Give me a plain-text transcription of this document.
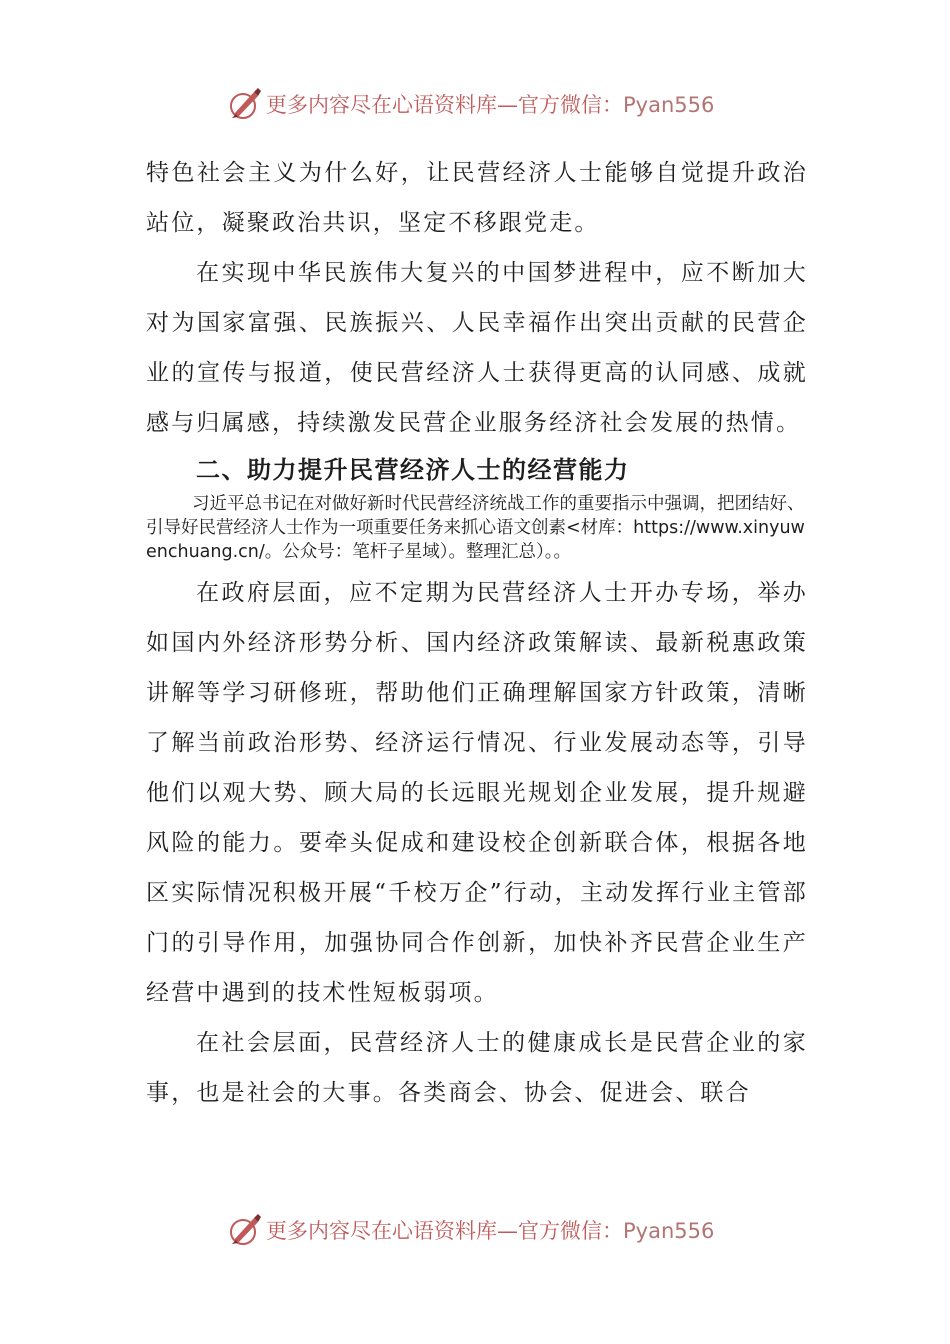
更多内容尽在心语资料库—官方微信：Pyan556

特色社会主义为什么好，让民营经济人士能够自觉提升政治站位，凝聚政治共识，坚定不移跟党走。

在实现中华民族伟大复兴的中国梦进程中，应不断加大对为国家富强、民族振兴、人民幸福作出突出贡献的民营企业的宣传与报道，使民营经济人士获得更高的认同感、成就感与归属感，持续激发民营企业服务经济社会发展的热情。

二、助力提升民营经济人士的经营能力

习近平总书记在对做好新时代民营经济统战工作的重要指示中强调，把团结好、引导好民营经济人士作为一项重要任务来抓心语文创素<材库：https://www.xinyuwenchuang.cn/。公众号：笔杆子星域）。整理汇总）。。

在政府层面，应不定期为民营经济人士开办专场，举办如国内外经济形势分析、国内经济政策解读、最新税惠政策讲解等学习研修班，帮助他们正确理解国家方针政策，清晰了解当前政治形势、经济运行情况、行业发展动态等，引导他们以观大势、顾大局的长远眼光规划企业发展，提升规避风险的能力。要牵头促成和建设校企创新联合体，根据各地区实际情况积极开展“千校万企”行动，主动发挥行业主管部门的引导作用，加强协同合作创新，加快补齐民营企业生产经营中遇到的技术性短板弱项。

在社会层面，民营经济人士的健康成长是民营企业的家事，也是社会的大事。各类商会、协会、促进会、联合

更多内容尽在心语资料库—官方微信：Pyan556
